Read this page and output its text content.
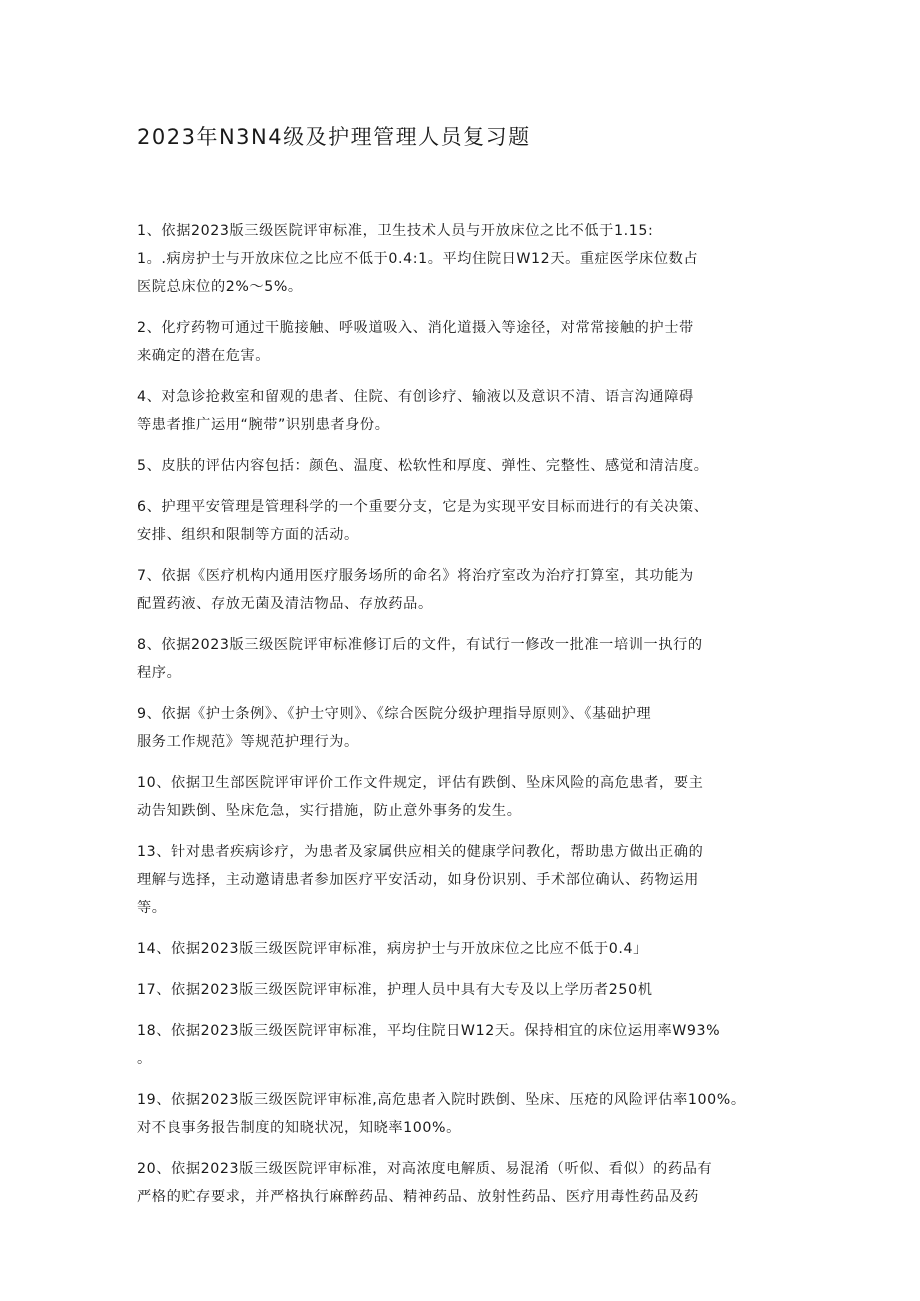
2023年N3N4级及护理管理人员复习题

1、依据2023版三级医院评审标准，卫生技术人员与开放床位之比不低于1.15:
1。.病房护士与开放床位之比应不低于0.4:1。平均住院日W12天。重症医学床位数占
医院总床位的2%～5%。

2、化疗药物可通过干脆接触、呼吸道吸入、消化道摄入等途径，对常常接触的护士带
来确定的潜在危害。

4、对急诊抢救室和留观的患者、住院、有创诊疗、输液以及意识不清、语言沟通障碍
等患者推广运用“腕带”识别患者身份。

5、皮肤的评估内容包括：颜色、温度、松软性和厚度、弹性、完整性、感觉和清洁度。

6、护理平安管理是管理科学的一个重要分支，它是为实现平安目标而进行的有关决策、
安排、组织和限制等方面的活动。

7、依据《医疗机构内通用医疗服务场所的命名》将治疗室改为治疗打算室，其功能为
配置药液、存放无菌及清洁物品、存放药品。

8、依据2023版三级医院评审标准修订后的文件，有试行一修改一批准一培训一执行的
程序。

9、依据《护士条例》、《护士守则》、《综合医院分级护理指导原则》、《基础护理
服务工作规范》等规范护理行为。

10、依据卫生部医院评审评价工作文件规定，评估有跌倒、坠床风险的高危患者，要主
动告知跌倒、坠床危急，实行措施，防止意外事务的发生。

13、针对患者疾病诊疗，为患者及家属供应相关的健康学问教化，帮助患方做出正确的
理解与选择，主动邀请患者参加医疗平安活动，如身份识别、手术部位确认、药物运用
等。

14、依据2023版三级医院评审标准，病房护士与开放床位之比应不低于0.4」

17、依据2023版三级医院评审标准，护理人员中具有大专及以上学历者250机

18、依据2023版三级医院评审标准，平均住院日W12天。保持相宜的床位运用率W93%
。

19、依据2023版三级医院评审标准,高危患者入院时跌倒、坠床、压疮的风险评估率100%。
对不良事务报告制度的知晓状况，知晓率100%。

20、依据2023版三级医院评审标准，对高浓度电解质、易混淆（听似、看似）的药品有
严格的贮存要求，并严格执行麻醉药品、精神药品、放射性药品、医疗用毒性药品及药
